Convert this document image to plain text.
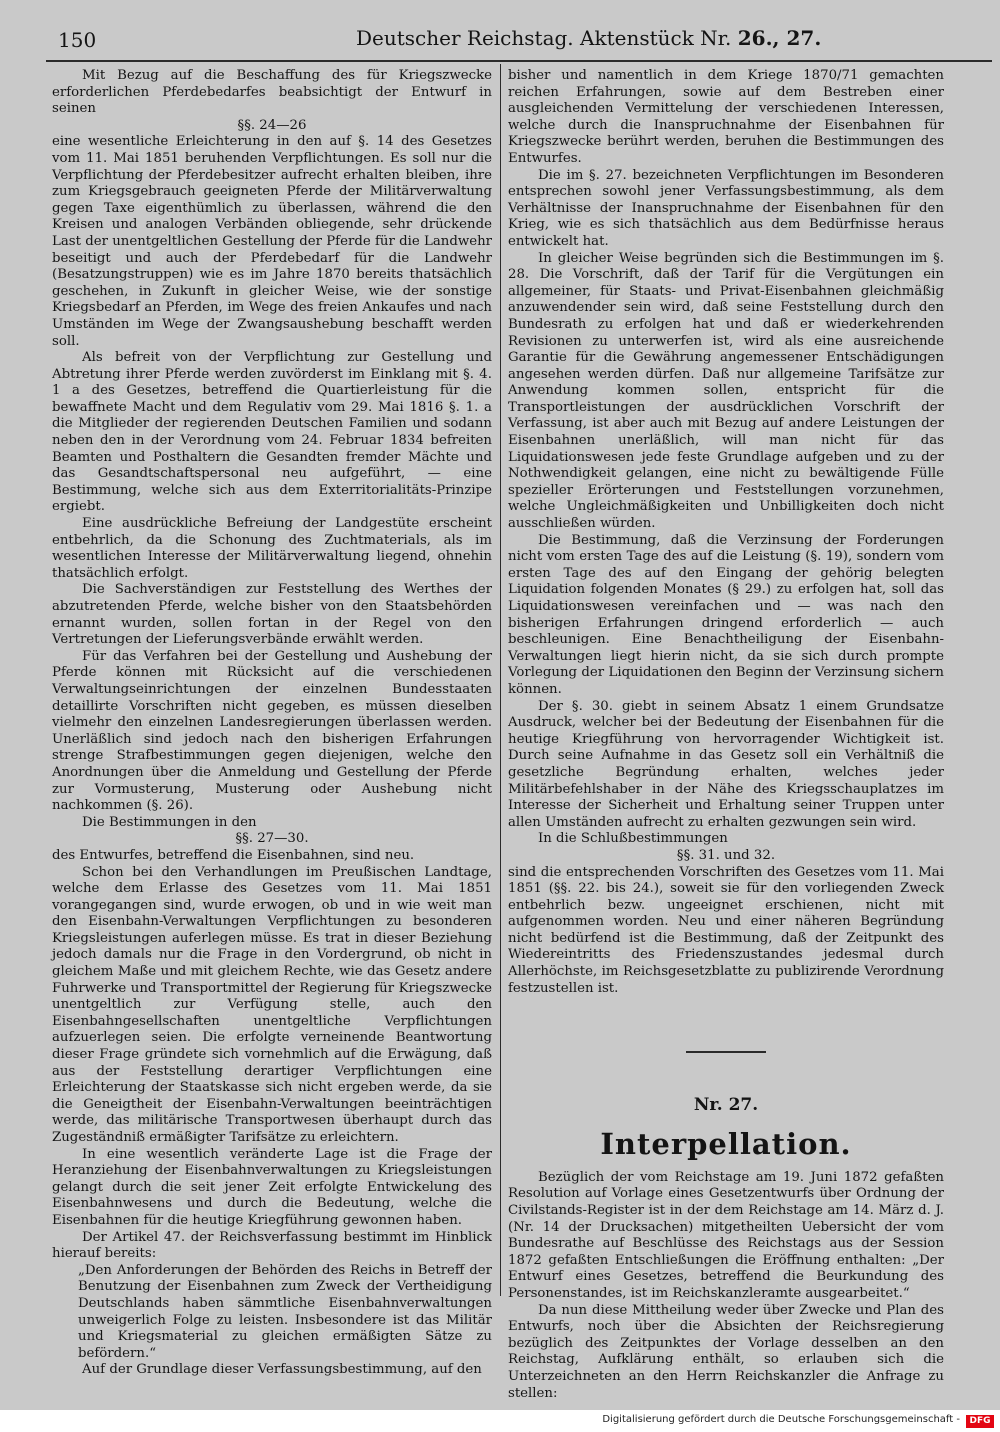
150	Deutscher Reichstag. Aktenstück Nr. 26., 27.

Mit Bezug auf die Beschaffung des für Kriegszwecke erforderlichen Pferdebedarfes beabsichtigt der Entwurf in seinen

§§. 24—26

eine wesentliche Erleichterung in den auf §. 14 des Gesetzes vom 11. Mai 1851 beruhenden Verpflichtungen. Es soll nur die Verpflichtung der Pferdebesitzer aufrecht erhalten bleiben, ihre zum Kriegsgebrauch geeigneten Pferde der Militärverwaltung gegen Taxe eigenthümlich zu überlassen, während die den Kreisen und analogen Verbänden obliegende, sehr drückende Last der unentgeltlichen Gestellung der Pferde für die Landwehr beseitigt und auch der Pferdebedarf für die Landwehr (Besatzungstruppen) wie es im Jahre 1870 bereits thatsächlich geschehen, in Zukunft in gleicher Weise, wie der sonstige Kriegsbedarf an Pferden, im Wege des freien Ankaufes und nach Umständen im Wege der Zwangsaushebung beschafft werden soll.

Als befreit von der Verpflichtung zur Gestellung und Abtretung ihrer Pferde werden zuvörderst im Einklang mit §. 4. 1 a des Gesetzes, betreffend die Quartierleistung für die bewaffnete Macht und dem Regulativ vom 29. Mai 1816 §. 1. a die Mitglieder der regierenden Deutschen Familien und sodann neben den in der Verordnung vom 24. Februar 1834 befreiten Beamten und Posthaltern die Gesandten fremder Mächte und das Gesandtschaftspersonal neu aufgeführt, — eine Bestimmung, welche sich aus dem Exterritorialitäts-Prinzipe ergiebt.

Eine ausdrückliche Befreiung der Landgestüte erscheint entbehrlich, da die Schonung des Zuchtmaterials, als im wesentlichen Interesse der Militärverwaltung liegend, ohnehin thatsächlich erfolgt.

Die Sachverständigen zur Feststellung des Werthes der abzutretenden Pferde, welche bisher von den Staatsbehörden ernannt wurden, sollen fortan in der Regel von den Vertretungen der Lieferungsverbände erwählt werden.

Für das Verfahren bei der Gestellung und Aushebung der Pferde können mit Rücksicht auf die verschiedenen Verwaltungseinrichtungen der einzelnen Bundesstaaten detaillirte Vorschriften nicht gegeben, es müssen dieselben vielmehr den einzelnen Landesregierungen überlassen werden. Unerläßlich sind jedoch nach den bisherigen Erfahrungen strenge Strafbestimmungen gegen diejenigen, welche den Anordnungen über die Anmeldung und Gestellung der Pferde zur Vormusterung, Musterung oder Aushebung nicht nachkommen (§. 26).

Die Bestimmungen in den

§§. 27—30.

des Entwurfes, betreffend die Eisenbahnen, sind neu.

Schon bei den Verhandlungen im Preußischen Landtage, welche dem Erlasse des Gesetzes vom 11. Mai 1851 vorangegangen sind, wurde erwogen, ob und in wie weit man den Eisenbahn-Verwaltungen Verpflichtungen zu besonderen Kriegsleistungen auferlegen müsse. Es trat in dieser Beziehung jedoch damals nur die Frage in den Vordergrund, ob nicht in gleichem Maße und mit gleichem Rechte, wie das Gesetz andere Fuhrwerke und Transportmittel der Regierung für Kriegszwecke unentgeltlich zur Verfügung stelle, auch den Eisenbahngesellschaften unentgeltliche Verpflichtungen aufzuerlegen seien. Die erfolgte verneinende Beantwortung dieser Frage gründete sich vornehmlich auf die Erwägung, daß aus der Feststellung derartiger Verpflichtungen eine Erleichterung der Staatskasse sich nicht ergeben werde, da sie die Geneigtheit der Eisenbahn-Verwaltungen beeinträchtigen werde, das militärische Transportwesen überhaupt durch das Zugeständniß ermäßigter Tarifsätze zu erleichtern.

In eine wesentlich veränderte Lage ist die Frage der Heranziehung der Eisenbahnverwaltungen zu Kriegsleistungen gelangt durch die seit jener Zeit erfolgte Entwickelung des Eisenbahnwesens und durch die Bedeutung, welche die Eisenbahnen für die heutige Kriegführung gewonnen haben.

Der Artikel 47. der Reichsverfassung bestimmt im Hinblick hierauf bereits:

„Den Anforderungen der Behörden des Reichs in Betreff der Benutzung der Eisenbahnen zum Zweck der Vertheidigung Deutschlands haben sämmtliche Eisenbahnverwaltungen unweigerlich Folge zu leisten. Insbesondere ist das Militär und Kriegsmaterial zu gleichen ermäßigten Sätze zu befördern.“

Auf der Grundlage dieser Verfassungsbestimmung, auf den

bisher und namentlich in dem Kriege 1870/71 gemachten reichen Erfahrungen, sowie auf dem Bestreben einer ausgleichenden Vermittelung der verschiedenen Interessen, welche durch die Inanspruchnahme der Eisenbahnen für Kriegszwecke berührt werden, beruhen die Bestimmungen des Entwurfes.

Die im §. 27. bezeichneten Verpflichtungen im Besonderen entsprechen sowohl jener Verfassungsbestimmung, als dem Verhältnisse der Inanspruchnahme der Eisenbahnen für den Krieg, wie es sich thatsächlich aus dem Bedürfnisse heraus entwickelt hat.

In gleicher Weise begründen sich die Bestimmungen im §. 28. Die Vorschrift, daß der Tarif für die Vergütungen ein allgemeiner, für Staats- und Privat-Eisenbahnen gleichmäßig anzuwendender sein wird, daß seine Feststellung durch den Bundesrath zu erfolgen hat und daß er wiederkehrenden Revisionen zu unterwerfen ist, wird als eine ausreichende Garantie für die Gewährung angemessener Entschädigungen angesehen werden dürfen. Daß nur allgemeine Tarifsätze zur Anwendung kommen sollen, entspricht für die Transportleistungen der ausdrücklichen Vorschrift der Verfassung, ist aber auch mit Bezug auf andere Leistungen der Eisenbahnen unerläßlich, will man nicht für das Liquidationswesen jede feste Grundlage aufgeben und zu der Nothwendigkeit gelangen, eine nicht zu bewältigende Fülle spezieller Erörterungen und Feststellungen vorzunehmen, welche Ungleichmäßigkeiten und Unbilligkeiten doch nicht ausschließen würden.

Die Bestimmung, daß die Verzinsung der Forderungen nicht vom ersten Tage des auf die Leistung (§. 19), sondern vom ersten Tage des auf den Eingang der gehörig belegten Liquidation folgenden Monates (§ 29.) zu erfolgen hat, soll das Liquidationswesen vereinfachen und — was nach den bisherigen Erfahrungen dringend erforderlich — auch beschleunigen. Eine Benachtheiligung der Eisenbahn-Verwaltungen liegt hierin nicht, da sie sich durch prompte Vorlegung der Liquidationen den Beginn der Verzinsung sichern können.

Der §. 30. giebt in seinem Absatz 1 einem Grundsatze Ausdruck, welcher bei der Bedeutung der Eisenbahnen für die heutige Kriegführung von hervorragender Wichtigkeit ist. Durch seine Aufnahme in das Gesetz soll ein Verhältniß die gesetzliche Begründung erhalten, welches jeder Militärbefehlshaber in der Nähe des Kriegsschauplatzes im Interesse der Sicherheit und Erhaltung seiner Truppen unter allen Umständen aufrecht zu erhalten gezwungen sein wird.

In die Schlußbestimmungen

§§. 31. und 32.

sind die entsprechenden Vorschriften des Gesetzes vom 11. Mai 1851 (§§. 22. bis 24.), soweit sie für den vorliegenden Zweck entbehrlich bezw. ungeeignet erschienen, nicht mit aufgenommen worden. Neu und einer näheren Begründung nicht bedürfend ist die Bestimmung, daß der Zeitpunkt des Wiedereintritts des Friedenszustandes jedesmal durch Allerhöchste, im Reichsgesetzblatte zu publizirende Verordnung festzustellen ist.

Nr. 27.

Interpellation.

Bezüglich der vom Reichstage am 19. Juni 1872 gefaßten Resolution auf Vorlage eines Gesetzentwurfs über Ordnung der Civilstands-Register ist in der dem Reichstage am 14. März d. J. (Nr. 14 der Drucksachen) mitgetheilten Uebersicht der vom Bundesrathe auf Beschlüsse des Reichstags aus der Session 1872 gefaßten Entschließungen die Eröffnung enthalten: „Der Entwurf eines Gesetzes, betreffend die Beurkundung des Personenstandes, ist im Reichskanzleramte ausgearbeitet.“

Da nun diese Mittheilung weder über Zwecke und Plan des Entwurfs, noch über die Absichten der Reichsregierung bezüglich des Zeitpunktes der Vorlage desselben an den Reichstag, Aufklärung enthält, so erlauben sich die Unterzeichneten an den Herrn Reichskanzler die Anfrage zu stellen:

Digitalisierung gefördert durch die Deutsche Forschungsgemeinschaft -	DFG
